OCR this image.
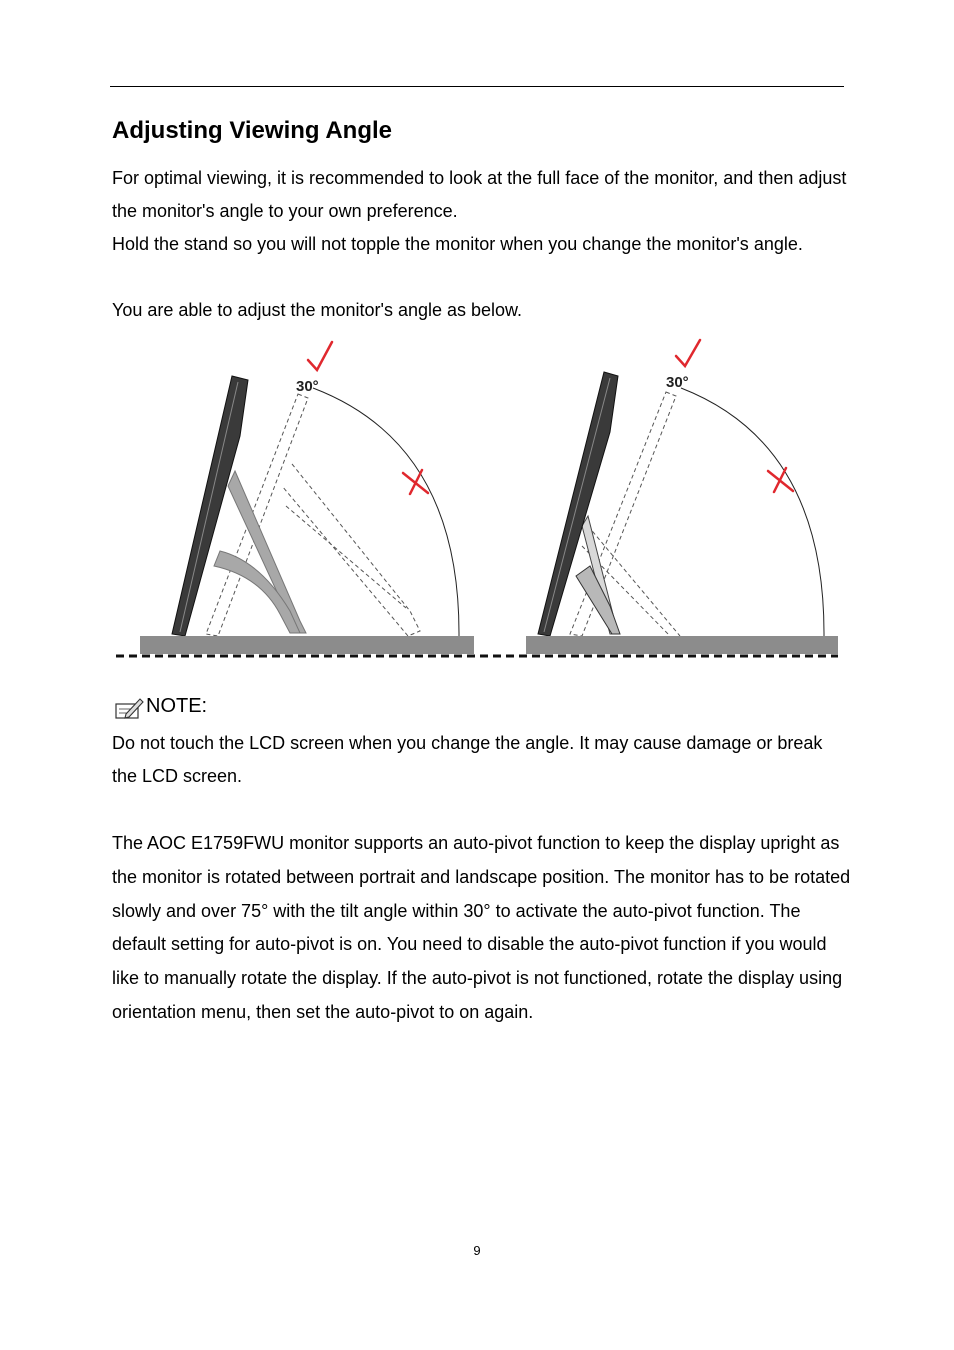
Adjusting Viewing Angle

For optimal viewing, it is recommended to look at the full face of the monitor, and then adjust the monitor's angle to your own preference.

Hold the stand so you will not topple the monitor when you change the monitor's angle.

You are able to adjust the monitor's angle as below.

30°	30°
NOTE:

Do not touch the LCD screen when you change the angle. It may cause damage or break the LCD screen.

The AOC E1759FWU monitor supports an auto-pivot function to keep the display upright as the monitor is rotated between portrait and landscape position. The monitor has to be rotated slowly and over 75° with the tilt angle within 30° to activate the auto-pivot function. The default setting for auto-pivot is on. You need to disable the auto-pivot function if you would like to manually rotate the display. If the auto-pivot is not functioned, rotate the display using orientation menu, then set the auto-pivot to on again.

9
